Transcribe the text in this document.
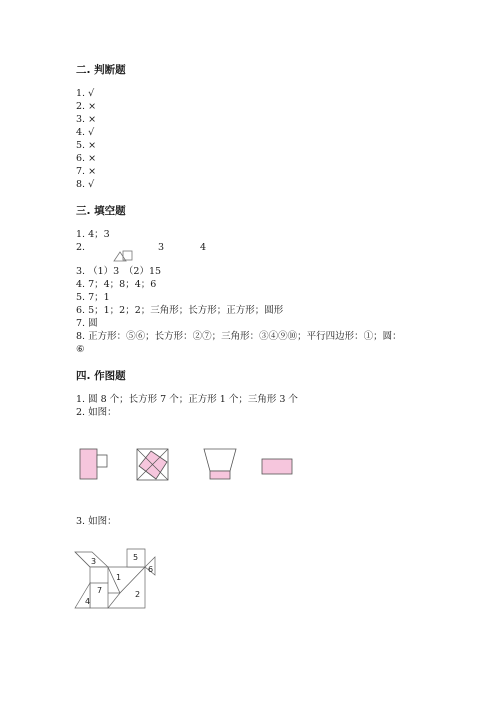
二. 判断题
1. √
2. ×
3. ×
4. √
5. ×
6. ×
7. ×
8. √
三. 填空题
1. 4；3
2.	3	4
3. （1）3　（2）15
4. 7；4；8；4；6
5. 7；1
6. 5；1；2；2；三角形；长方形；正方形；圆形
7. 圆
8. 正方形：⑤⑥；长方形：②⑦；三角形：③④⑨⑩；平行四边形：①；圆：
⑥
四. 作图题
1. 圆 8 个；长方形 7 个；正方形 1 个；三角形 3 个
2. 如图：
3. 如图：
3
1
5
6
2
7
4
